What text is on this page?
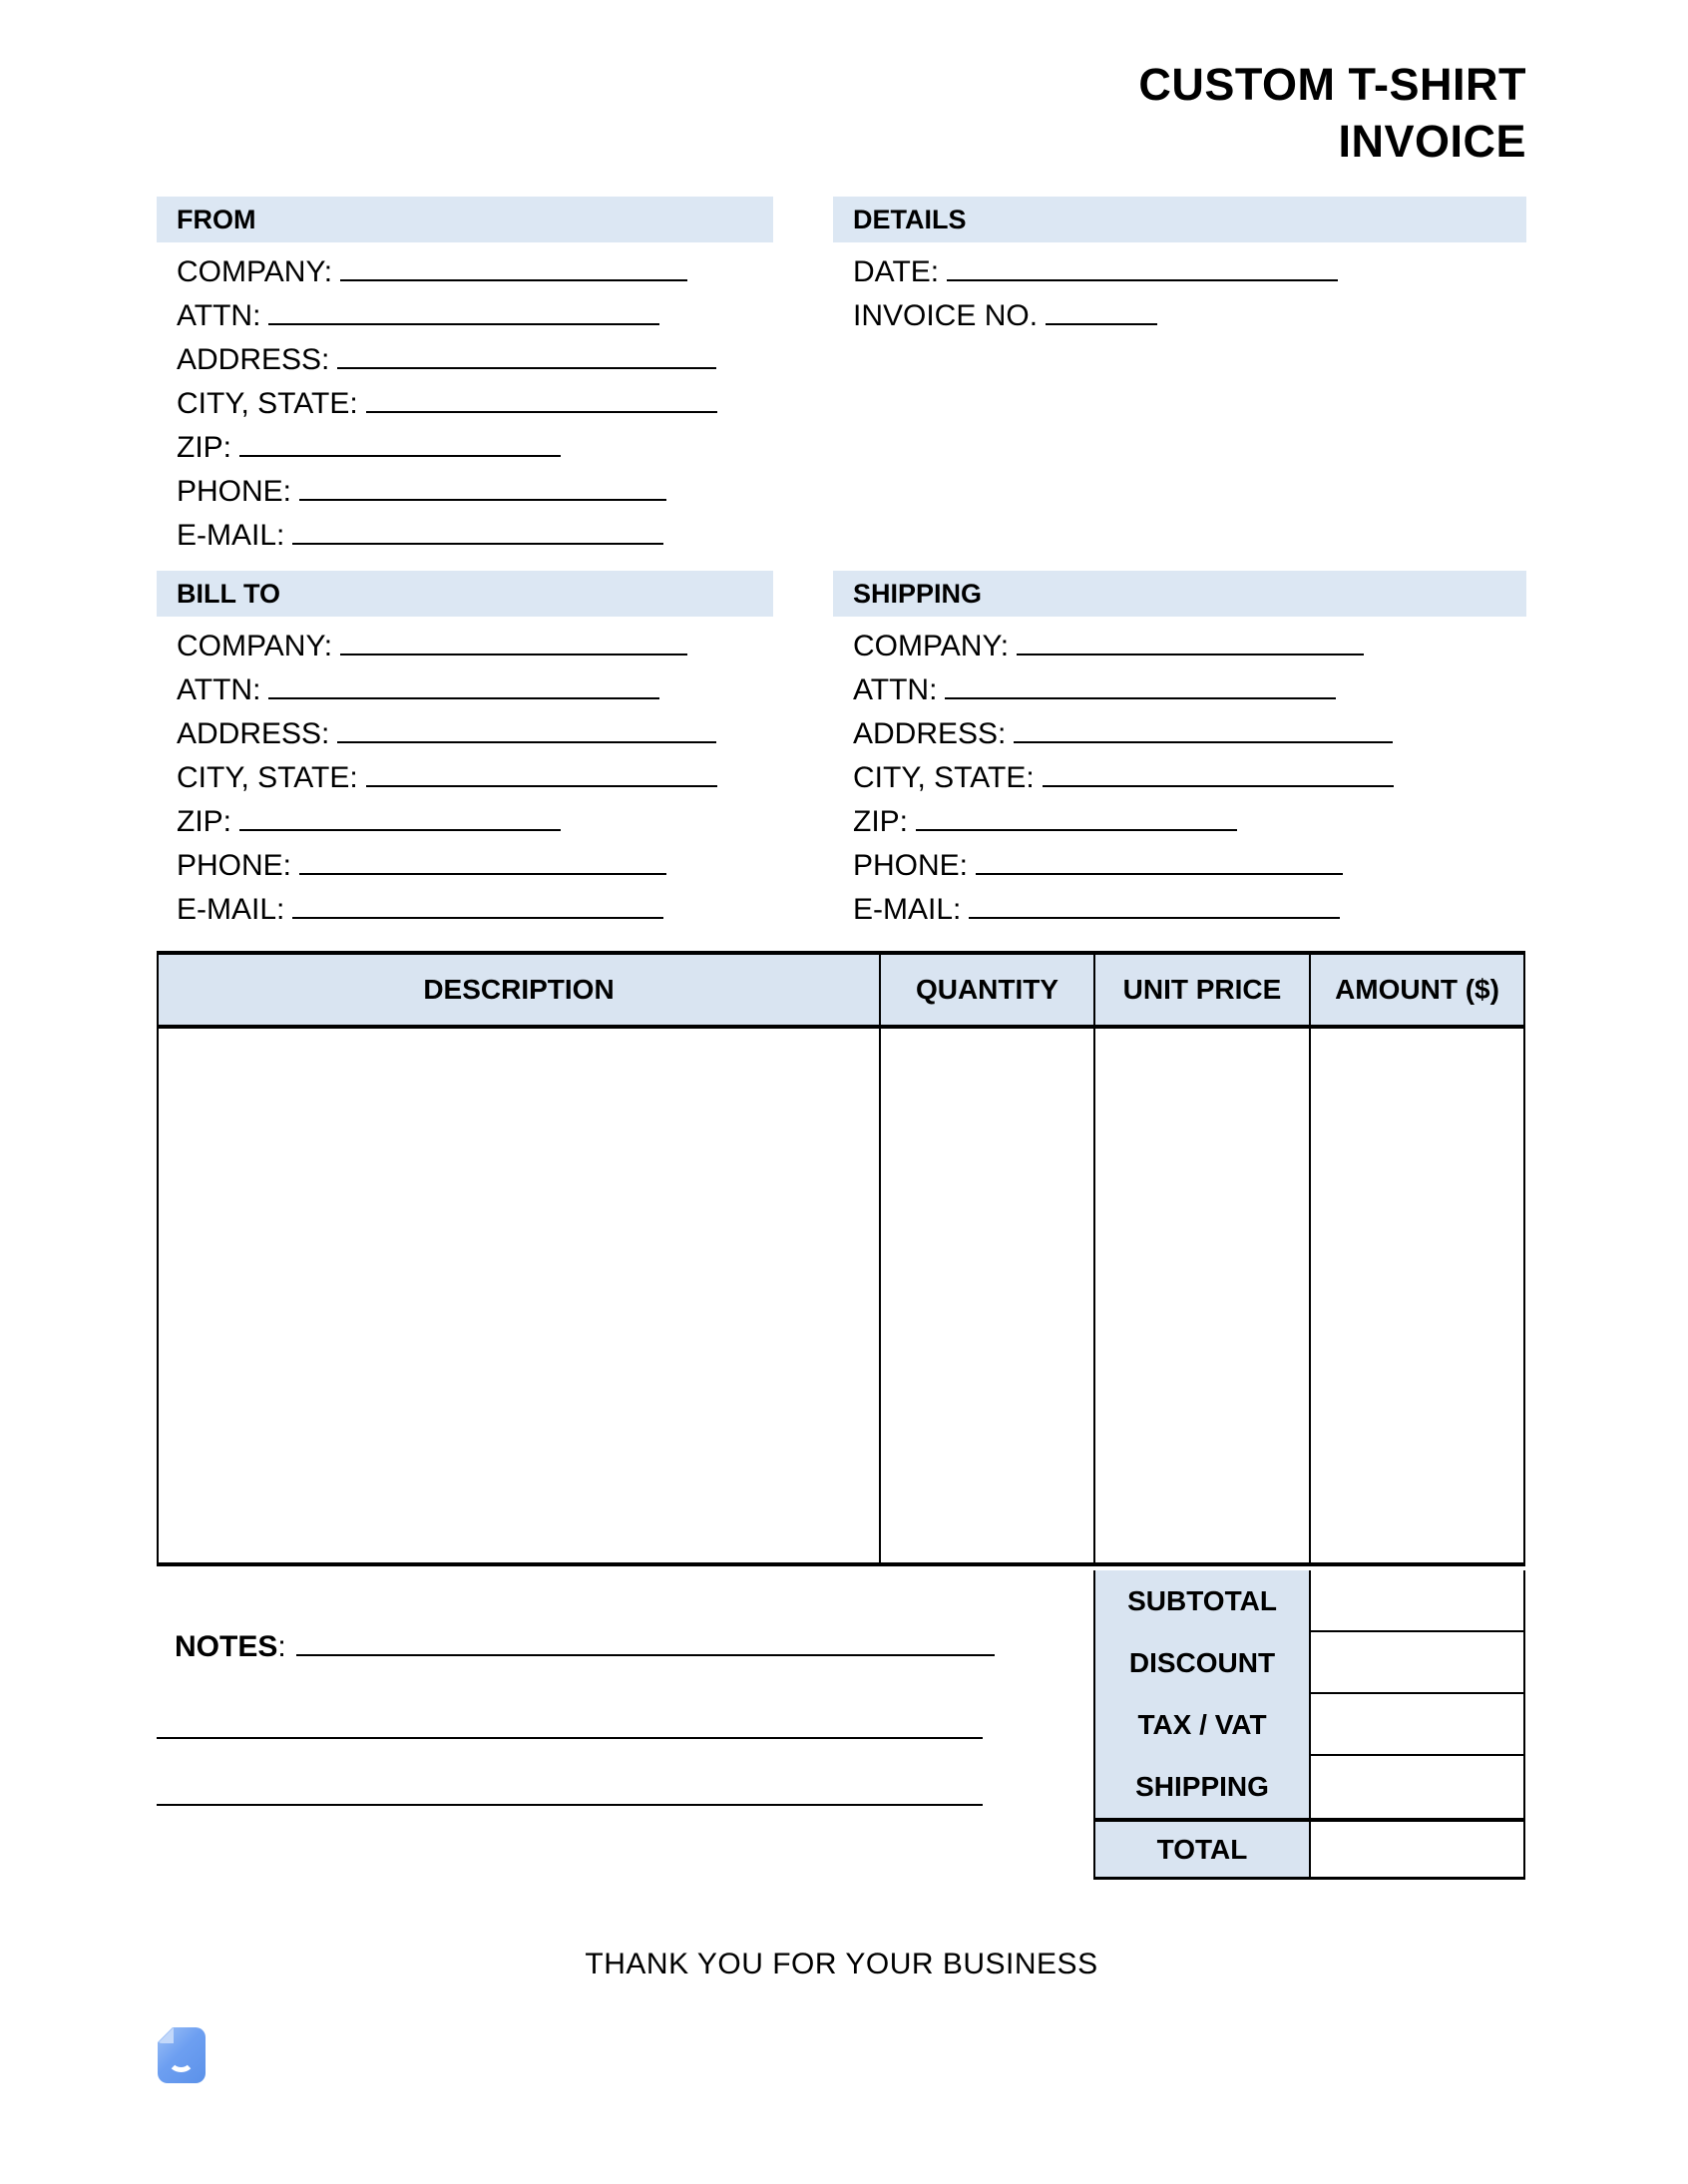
CUSTOM T-SHIRT
INVOICE
FROM
COMPANY:
ATTN:
ADDRESS:
CITY, STATE:
ZIP:
PHONE:
E-MAIL:
DETAILS
DATE:
INVOICE NO.
BILL TO
COMPANY:
ATTN:
ADDRESS:
CITY, STATE:
ZIP:
PHONE:
E-MAIL:
SHIPPING
COMPANY:
ATTN:
ADDRESS:
CITY, STATE:
ZIP:
PHONE:
E-MAIL:
DESCRIPTION	QUANTITY	UNIT PRICE	AMOUNT ($)
SUBTOTAL
DISCOUNT
TAX / VAT
SHIPPING
TOTAL
NOTES:
THANK YOU FOR YOUR BUSINESS
